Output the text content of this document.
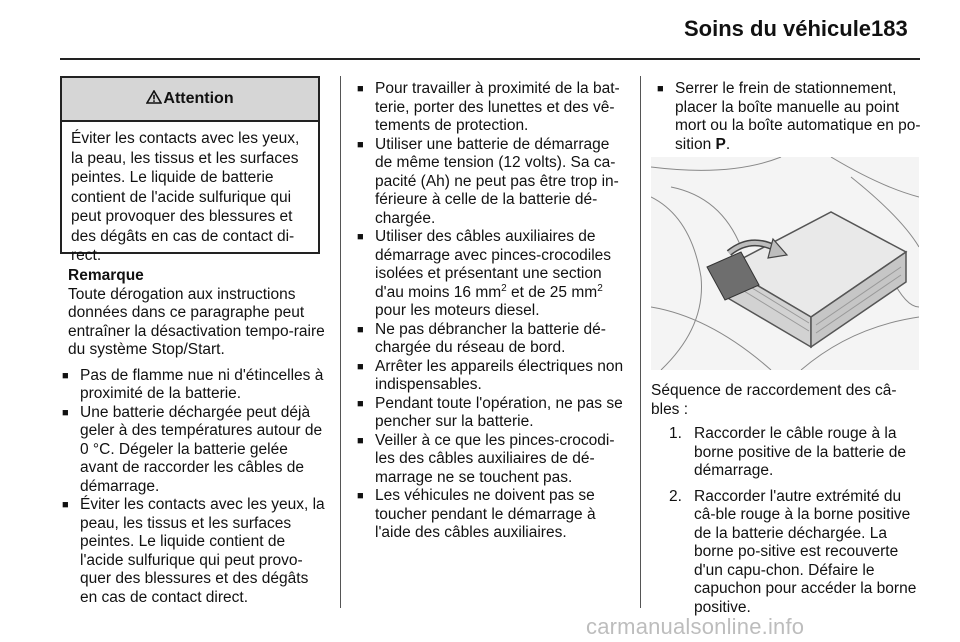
Soins du véhicule 183
Attention
Éviter les contacts avec les yeux, la peau, les tissus et les surfaces peintes. Le liquide de batterie contient de l'acide sulfurique qui peut provoquer des blessures et des dégâts en cas de contact di-rect.

Remarque

Toute dérogation aux instructions données dans ce paragraphe peut entraîner la désactivation tempo-raire du système Stop/Start.

■ Pas de flamme nue ni d'étincelles à proximité de la batterie.

■ Une batterie déchargée peut déjà geler à des températures autour de 0 °C. Dégeler la batterie gelée avant de raccorder les câbles de démarrage.

■ Éviter les contacts avec les yeux, la peau, les tissus et les surfaces peintes. Le liquide contient de l'acide sulfurique qui peut provo-quer des blessures et des dégâts en cas de contact direct.

■ Pour travailler à proximité de la bat-terie, porter des lunettes et des vê-tements de protection.

■ Utiliser une batterie de démarrage de même tension (12 volts). Sa ca-pacité (Ah) ne peut pas être trop in-férieure à celle de la batterie dé-chargée.

■ Utiliser des câbles auxiliaires de démarrage avec pinces-crocodiles isolées et présentant une section d'au moins 16 $mm^2$ et de 25 $mm^2$ pour les moteurs diesel.

■ Ne pas débrancher la batterie dé-chargée du réseau de bord.

■ Arrêter les appareils électriques non indispensables.

■ Pendant toute l'opération, ne pas se pencher sur la batterie.

■ Veiller à ce que les pinces-crocodi-les des câbles auxiliaires de dé-marrage ne se touchent pas.

■ Les véhicules ne doivent pas se toucher pendant le démarrage à l'aide des câbles auxiliaires.

■ Serrer le frein de stationnement, placer la boîte manuelle au point mort ou la boîte automatique en po-sition P.

Séquence de raccordement des câ-bles :

1. Raccorder le câble rouge à la borne positive de la batterie de démarrage.
2. Raccorder l'autre extrémité du câ-ble rouge à la borne positive de la batterie déchargée. La borne po-sitive est recouverte d'un capu-chon. Défaire le capuchon pour accéder la borne positive.
carmanualsonline.info
